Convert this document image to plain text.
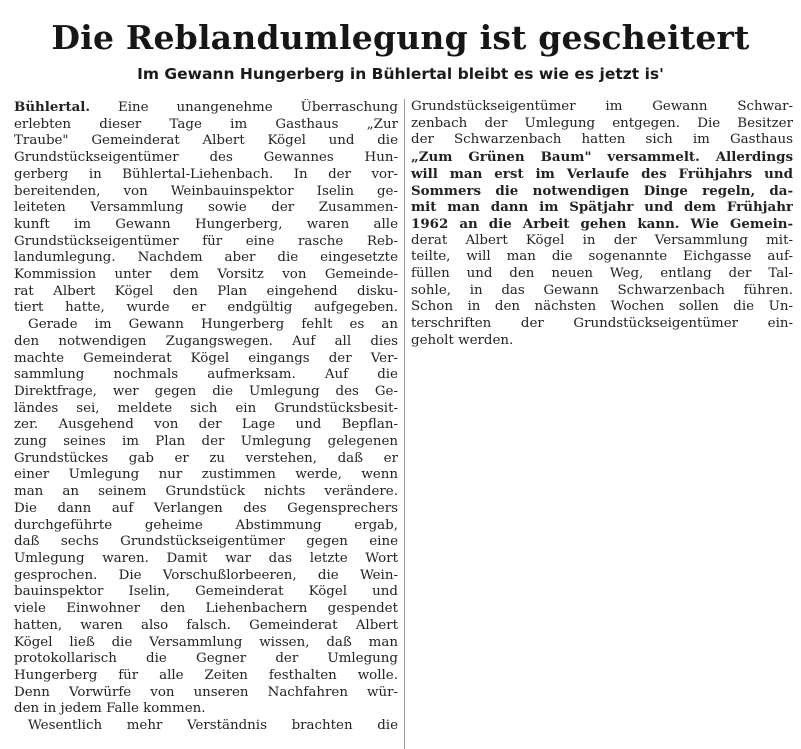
Die Reblandumlegung ist gescheitert
Im Gewann Hungerberg in Bühlertal bleibt es wie es jetzt is'
Bühlertal. Eine unangenehme Überraschung
erlebten dieser Tage im Gasthaus „Zur
Traube" Gemeinderat Albert Kögel und die
Grundstückseigentümer des Gewannes Hun-
gerberg in Bühlertal-Liehenbach. In der vor-
bereitenden, von Weinbauinspektor Iselin ge-
leiteten Versammlung sowie der Zusammen-
kunft im Gewann Hungerberg, waren alle
Grundstückseigentümer für eine rasche Reb-
landumlegung. Nachdem aber die eingesetzte
Kommission unter dem Vorsitz von Gemeinde-
rat Albert Kögel den Plan eingehend disku-
tiert hatte, wurde er endgültig aufgegeben.
Gerade im Gewann Hungerberg fehlt es an
den notwendigen Zugangswegen. Auf all dies
machte Gemeinderat Kögel eingangs der Ver-
sammlung nochmals aufmerksam. Auf die
Direktfrage, wer gegen die Umlegung des Ge-
ländes sei, meldete sich ein Grundstücksbesit-
zer. Ausgehend von der Lage und Bepflan-
zung seines im Plan der Umlegung gelegenen
Grundstückes gab er zu verstehen, daß er
einer Umlegung nur zustimmen werde, wenn
man an seinem Grundstück nichts verändere.
Die dann auf Verlangen des Gegensprechers
durchgeführte geheime Abstimmung ergab,
daß sechs Grundstückseigentümer gegen eine
Umlegung waren. Damit war das letzte Wort
gesprochen. Die Vorschußlorbeeren, die Wein-
bauinspektor Iselin, Gemeinderat Kögel und
viele Einwohner den Liehenbachern gespendet
hatten, waren also falsch. Gemeinderat Albert
Kögel ließ die Versammlung wissen, daß man
protokollarisch die Gegner der Umlegung
Hungerberg für alle Zeiten festhalten wolle.
Denn Vorwürfe von unseren Nachfahren wür-
den in jedem Falle kommen.
Wesentlich mehr Verständnis brachten die
Grundstückseigentümer im Gewann Schwar-
zenbach der Umlegung entgegen. Die Besitzer
der Schwarzenbach hatten sich im Gasthaus
„Zum Grünen Baum" versammelt. Allerdings
will man erst im Verlaufe des Frühjahrs und
Sommers die notwendigen Dinge regeln, da-
mit man dann im Spätjahr und dem Frühjahr
1962 an die Arbeit gehen kann. Wie Gemein-
derat Albert Kögel in der Versammlung mit-
teilte, will man die sogenannte Eichgasse auf-
füllen und den neuen Weg, entlang der Tal-
sohle, in das Gewann Schwarzenbach führen.
Schon in den nächsten Wochen sollen die Un-
terschriften der Grundstückseigentümer ein-
geholt werden.
